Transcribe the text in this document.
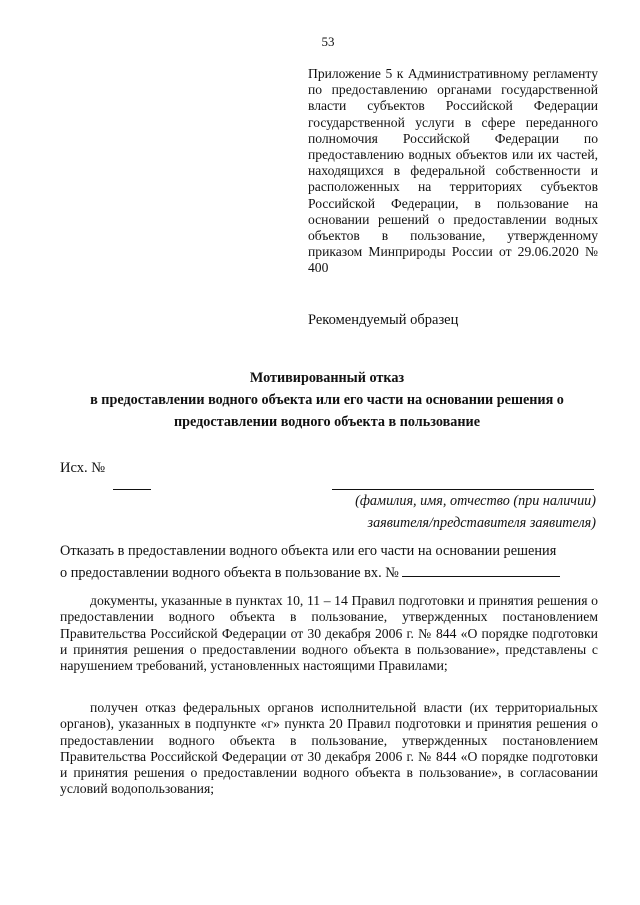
53
Приложение 5 к Административному регламенту по предоставлению органами государственной власти субъектов Российской Федерации государственной услуги в сфере переданного полномочия Российской Федерации по предоставлению водных объектов или их частей, находящихся в федеральной собственности и расположенных на территориях субъектов Российской Федерации, в пользование на основании решений о предоставлении водных объектов в пользование, утвержденному приказом Минприроды России от 29.06.2020 № 400
Рекомендуемый образец
Мотивированный отказ
в предоставлении водного объекта или его части на основании решения о
предоставлении водного объекта в пользование
Исх. №
(фамилия, имя, отчество (при наличии)
заявителя/представителя заявителя)
Отказать в предоставлении водного объекта или его части на основании решения
о предоставлении водного объекта в пользование вх. №
документы, указанные в пунктах 10, 11 – 14 Правил подготовки и принятия решения о предоставлении водного объекта в пользование, утвержденных постановлением Правительства Российской Федерации от 30 декабря 2006 г. № 844 «О порядке подготовки и принятия решения о предоставлении водного объекта в пользование», представлены с нарушением требований, установленных настоящими Правилами;
получен отказ федеральных органов исполнительной власти (их территориальных органов), указанных в подпункте «г» пункта 20 Правил подготовки и принятия решения о предоставлении водного объекта в пользование, утвержденных постановлением Правительства Российской Федерации от 30 декабря 2006 г. № 844 «О порядке подготовки и принятия решения о предоставлении водного объекта в пользование», в согласовании условий водопользования;
